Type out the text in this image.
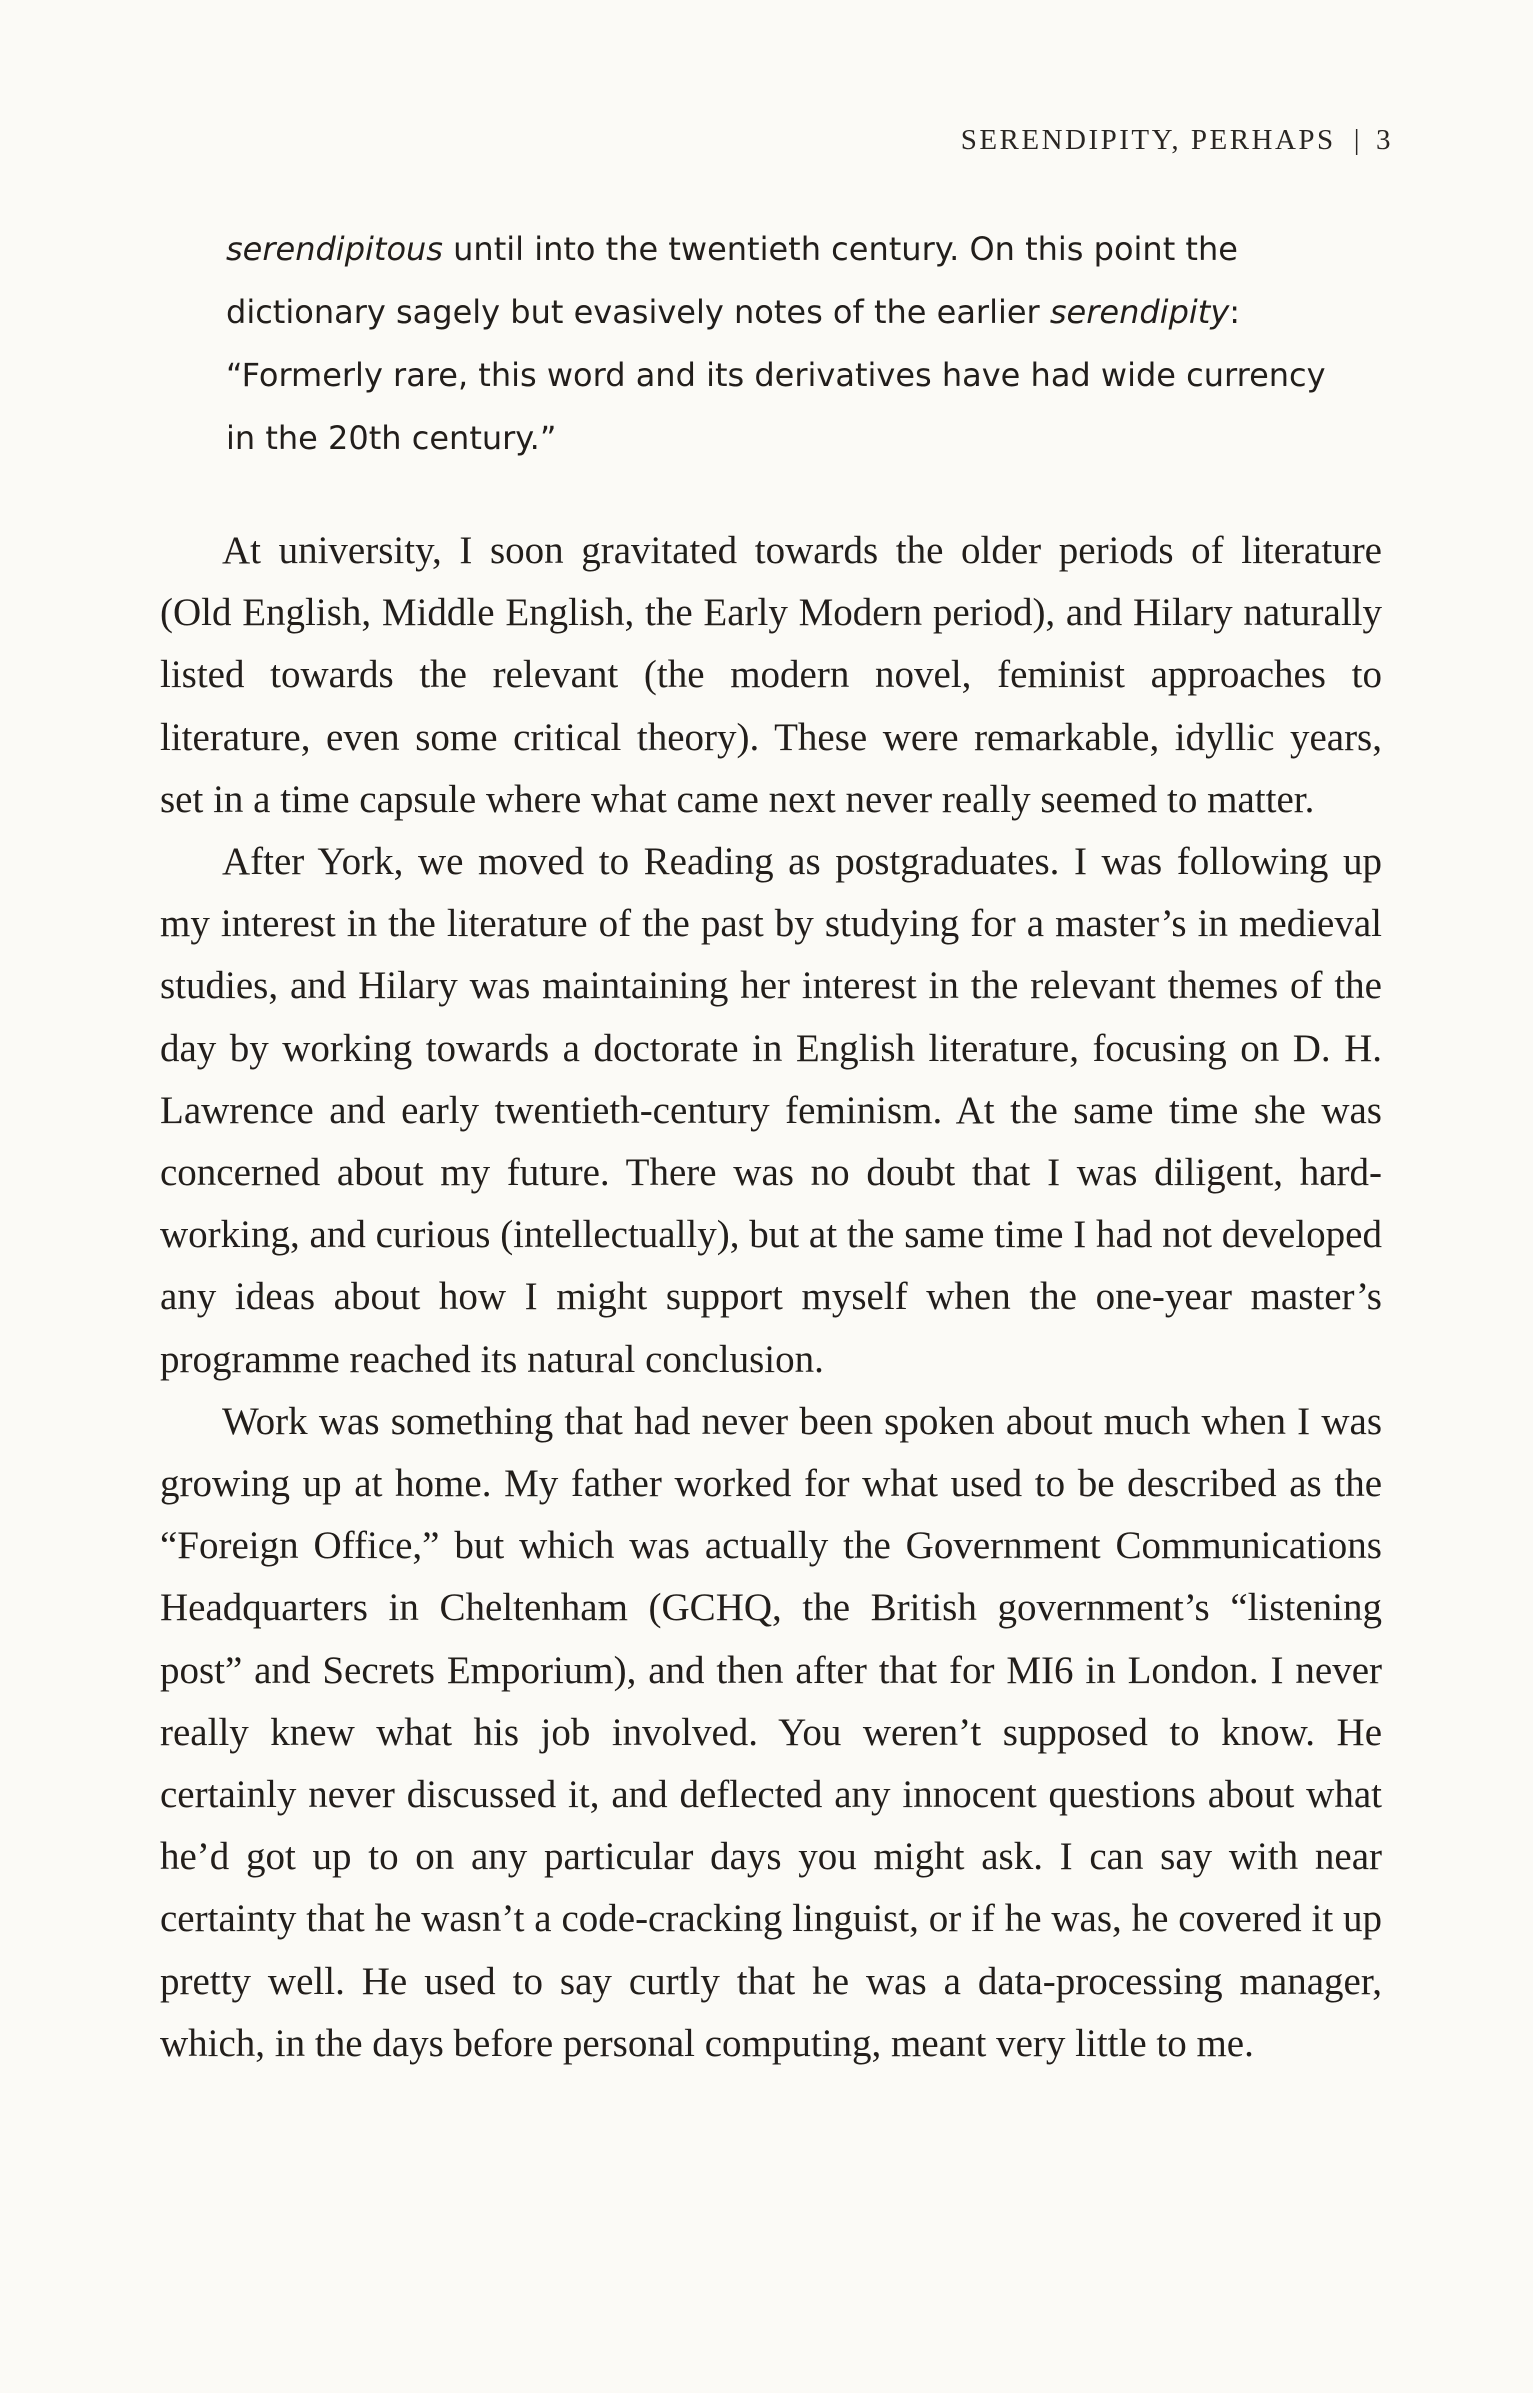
SERENDIPITY, PERHAPS | 3

serendipitous until into the twentieth century. On this point the dictionary sagely but evasively notes of the earlier serendipity: “Formerly rare, this word and its derivatives have had wide currency in the 20th century.”

At university, I soon gravitated towards the older periods of literature (Old English, Middle English, the Early Modern period), and Hilary naturally listed towards the relevant (the modern novel, feminist approaches to literature, even some critical theory). These were remarkable, idyllic years, set in a time capsule where what came next never really seemed to matter.

After York, we moved to Reading as postgraduates. I was following up my interest in the literature of the past by studying for a master’s in medieval studies, and Hilary was maintaining her interest in the relevant themes of the day by working towards a doctorate in English literature, focusing on D. H. Lawrence and early twentieth-century feminism. At the same time she was concerned about my future. There was no doubt that I was diligent, hard-working, and curious (intellectually), but at the same time I had not developed any ideas about how I might support myself when the one-year master’s programme reached its natural conclusion.

Work was something that had never been spoken about much when I was growing up at home. My father worked for what used to be described as the “Foreign Office,” but which was actually the Government Communications Headquarters in Cheltenham (GCHQ, the British government’s “listening post” and Secrets Emporium), and then after that for MI6 in London. I never really knew what his job involved. You weren’t supposed to know. He certainly never discussed it, and deflected any innocent questions about what he’d got up to on any particular days you might ask. I can say with near certainty that he wasn’t a code-cracking linguist, or if he was, he covered it up pretty well. He used to say curtly that he was a data-processing manager, which, in the days before personal computing, meant very little to me.
